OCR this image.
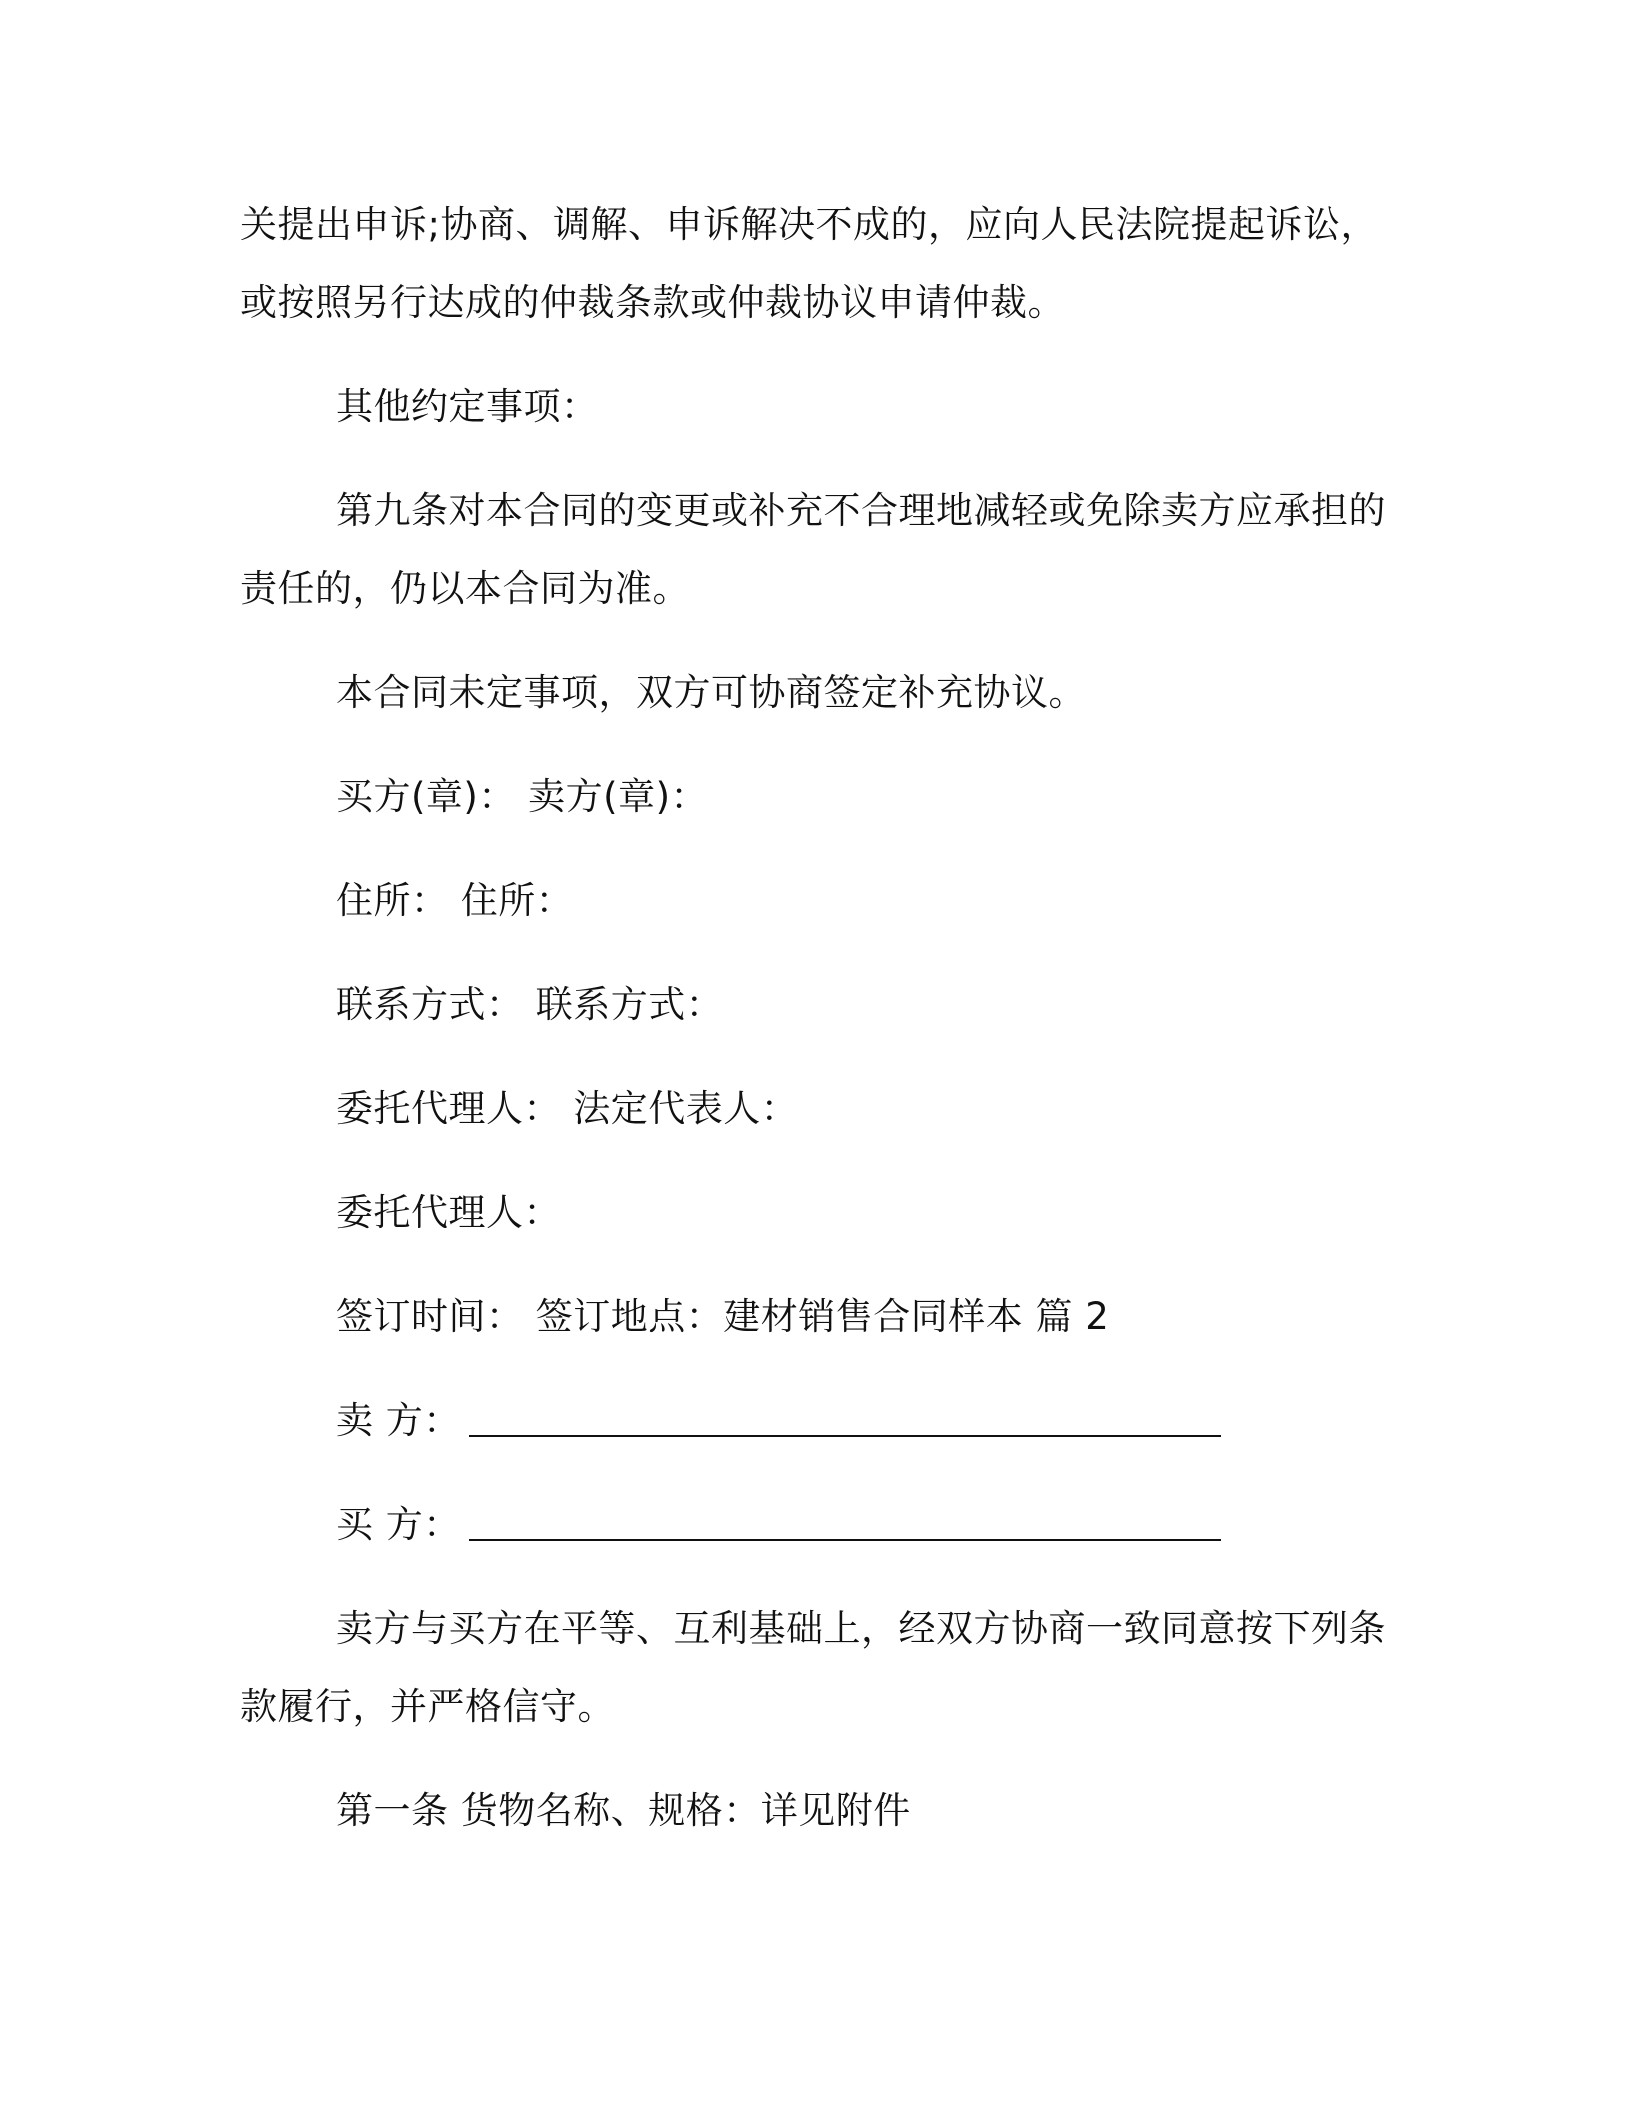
关提出申诉;协商、调解、申诉解决不成的，应向人民法院提起诉讼，或按照另行达成的仲裁条款或仲裁协议申请仲裁。

其他约定事项：

第九条对本合同的变更或补充不合理地减轻或免除卖方应承担的责任的，仍以本合同为准。

本合同未定事项，双方可协商签定补充协议。

买方(章)： 卖方(章)：

住所： 住所：

联系方式： 联系方式：

委托代理人： 法定代表人：

委托代理人：

签订时间： 签订地点：建材销售合同样本 篇 2

卖 方：
买 方：

卖方与买方在平等、互利基础上，经双方协商一致同意按下列条款履行，并严格信守。

第一条 货物名称、规格：详见附件
